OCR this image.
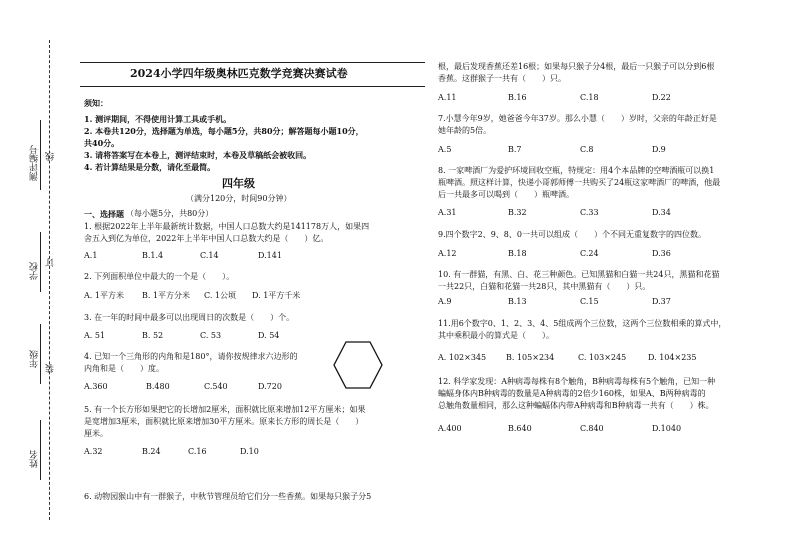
测评编号 线
学校 订
年级
装
姓名
2024小学四年级奥林匹克数学竞赛决赛试卷
须知：
1. 测评期间，不得使用计算工具或手机。
2. 本卷共120分，选择题为单选，每小题5分，共80分；解答题每小题10分，
共40分。
3. 请将答案写在本卷上，测评结束时，本卷及草稿纸会被收回。
4. 若计算结果是分数，请化至最简。
四年级
（满分120分，时间90分钟）
一、选择题 （每小题5分，共80分）
1. 根据2022年上半年最新统计数据，中国人口总数大约是141178万人，如果四
舍五入到亿为单位，2022年上半年中国人口总数大约是（　　）亿。
A.1	B.1.4	C.14	D.141
2. 下列面积单位中最大的一个是（　　）。
A. 1平方米 B. 1平方分米 C. 1公顷 D. 1平方千米
3. 在一年的时间中最多可以出现周日的次数是（　　）个。
A. 51	B. 52	C. 53	D. 54
4. 已知一个三角形的内角和是180°，请你按规律求六边形的
内角和是（　　）度。
A.360	B.480	C.540	D.720
5. 有一个长方形如果把它的长增加2厘米，面积就比原来增加12平方厘米；如果
是宽增加3厘米，面积就比原来增加30平方厘米。原来长方形的周长是（　　）
厘米。
A.32	B.24	C.16	D.10
6. 动物园猴山中有一群猴子，中秋节管理员给它们分一些香蕉。如果每只猴子分5
根，最后发现香蕉还差16根；如果每只猴子分4根，最后一只猴子可以分到6根
香蕉。这群猴子一共有（　　）只。
A.11	B.16	C.18	D.22
7.小慧今年9岁，她爸爸今年37岁。那么小慧（　　）岁时，父亲的年龄正好是
她年龄的5倍。
A.5	B.7	C.8	D.9
8. 一家啤酒厂为爱护环境回收空瓶，特规定：用4个本品牌的空啤酒瓶可以换1
瓶啤酒。照这样计算，快递小哥郭师傅一共购买了24瓶这家啤酒厂的啤酒，他最
后一共最多可以喝到（　　）瓶啤酒。
A.31	B.32	C.33	D.34
9.四个数字2、9、8、0一共可以组成（　　）个不同无重复数字的四位数。
A.12	B.18	C.24	D.36
10. 有一群猫，有黑、白、花三种颜色。已知黑猫和白猫一共24只，黑猫和花猫
一共22只，白猫和花猫一共28只，其中黑猫有（　　）只。
A.9	B.13	C.15	D.37
11.用6个数字0、1、2、3、4、5组成两个三位数，这两个三位数相乘的算式中，
其中乘积最小的算式是（　　）。
A. 102×345 B. 105×234	C. 103×245	D. 104×235
12. 科学家发现：A种病毒每株有8个触角，B种病毒每株有5个触角，已知一种
蝙蝠身体内B种病毒的数量是A种病毒的2倍少160株，如果A、B两种病毒的
总触角数量相同，那么这种蝙蝠体内带A种病毒和B种病毒一共有（　　）株。
A.400	B.640	C.840	D.1040
